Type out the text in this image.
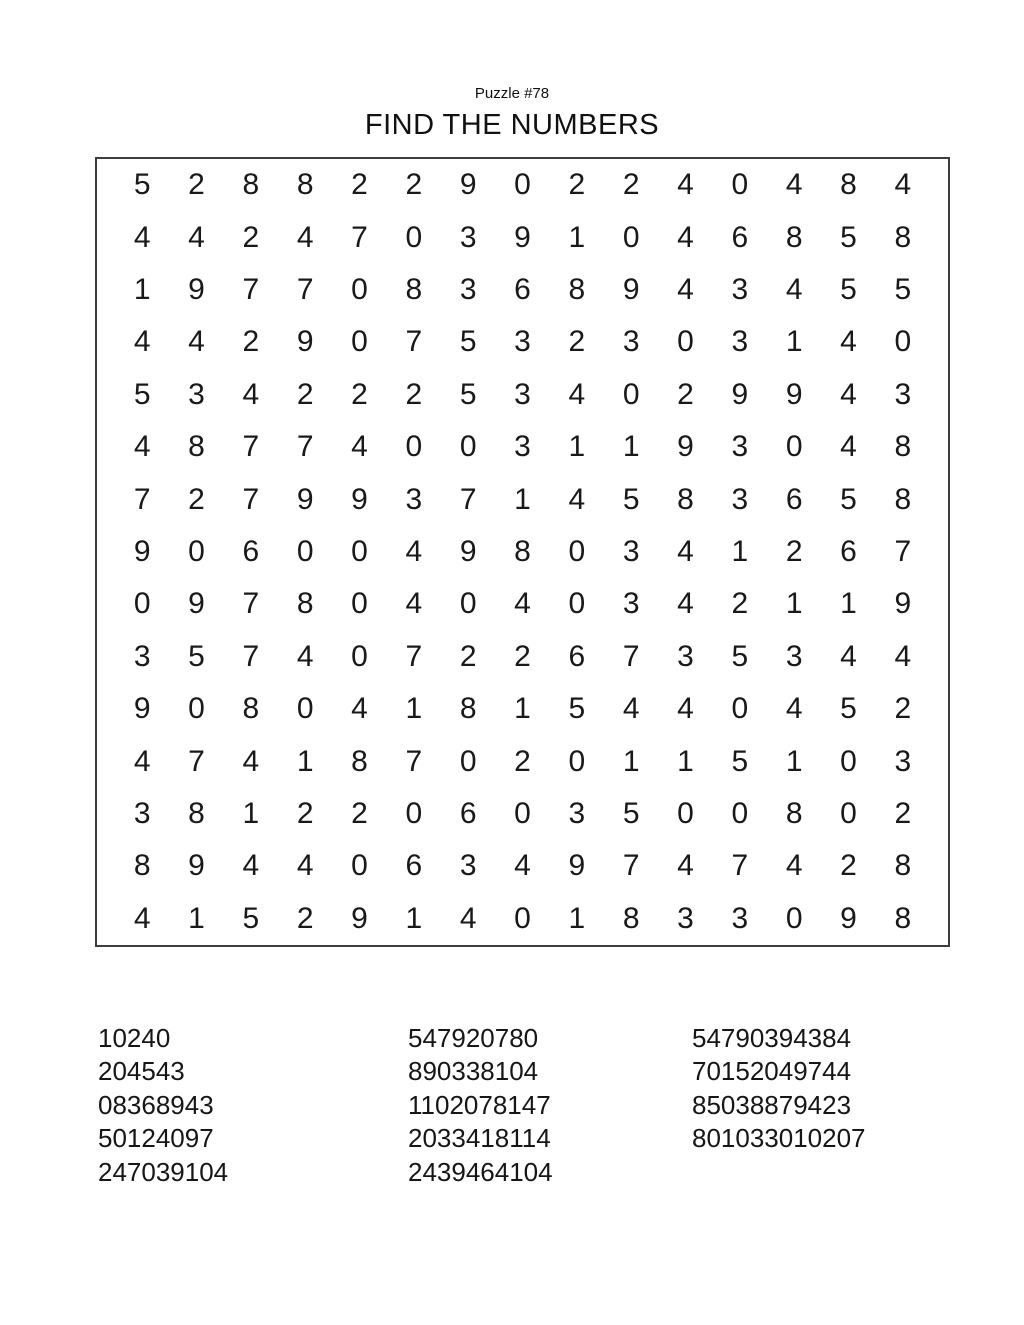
Puzzle #78
FIND THE NUMBERS
5	2	8	8	2	2	9	0	2	2	4	0	4	8	4
4	4	2	4	7	0	3	9	1	0	4	6	8	5	8
1	9	7	7	0	8	3	6	8	9	4	3	4	5	5
4	4	2	9	0	7	5	3	2	3	0	3	1	4	0
5	3	4	2	2	2	5	3	4	0	2	9	9	4	3
4	8	7	7	4	0	0	3	1	1	9	3	0	4	8
7	2	7	9	9	3	7	1	4	5	8	3	6	5	8
9	0	6	0	0	4	9	8	0	3	4	1	2	6	7
0	9	7	8	0	4	0	4	0	3	4	2	1	1	9
3	5	7	4	0	7	2	2	6	7	3	5	3	4	4
9	0	8	0	4	1	8	1	5	4	4	0	4	5	2
4	7	4	1	8	7	0	2	0	1	1	5	1	0	3
3	8	1	2	2	0	6	0	3	5	0	0	8	0	2
8	9	4	4	0	6	3	4	9	7	4	7	4	2	8
4	1	5	2	9	1	4	0	1	8	3	3	0	9	8
10240
204543
08368943
50124097
247039104
547920780
890338104
1102078147
2033418114
2439464104
54790394384
70152049744
85038879423
801033010207
